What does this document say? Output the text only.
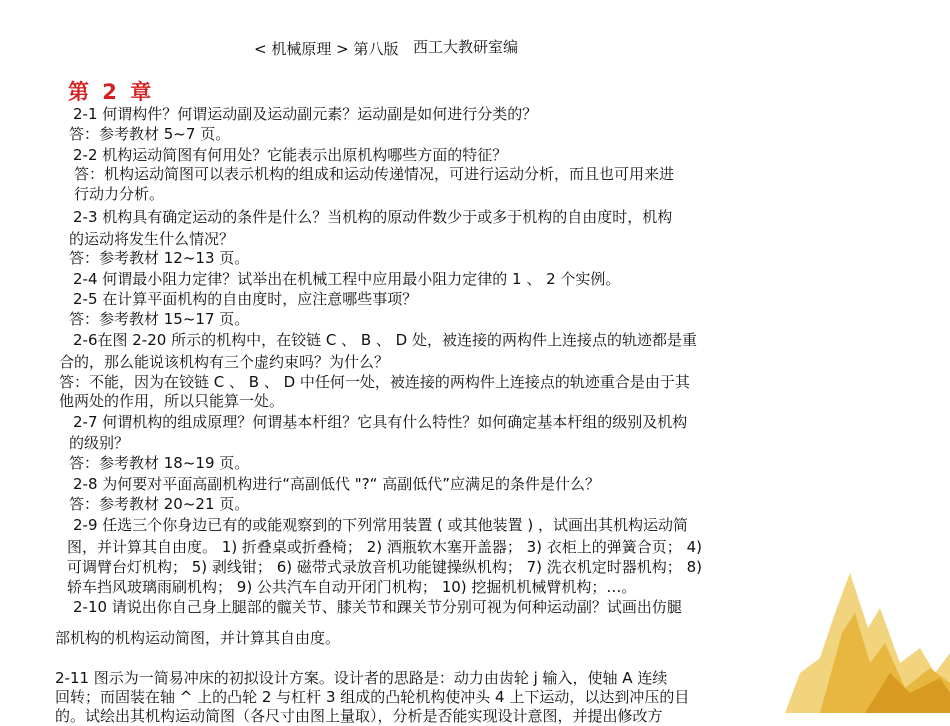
< 机械原理 > 第八版 西工大教研室编
第 2 章
2-1 何谓构件？何谓运动副及运动副元素？运动副是如何进行分类的？
答：参考教材 5~7 页。
2-2 机构运动简图有何用处？它能表示出原机构哪些方面的特征？
答：机构运动简图可以表示机构的组成和运动传递情况，可进行运动分析，而且也可用来进
行动力分析。
2-3 机构具有确定运动的条件是什么？当机构的原动件数少于或多于机构的自由度时，机构
的运动将发生什么情况？
答：参考教材 12~13 页。
2-4 何谓最小阻力定律？试举出在机械工程中应用最小阻力定律的 1 、 2 个实例。
2-5 在计算平面机构的自由度时，应注意哪些事项？
答：参考教材 15~17 页。
2-6在图 2-20 所示的机构中，在铰链 C 、 B 、 D 处，被连接的两构件上连接点的轨迹都是重
合的，那么能说该机构有三个虚约束吗？为什么？
答：不能，因为在铰链 C 、 B 、 D 中任何一处，被连接的两构件上连接点的轨迹重合是由于其
他两处的作用，所以只能算一处。
2-7 何谓机构的组成原理？何谓基本杆组？它具有什么特性？如何确定基本杆组的级别及机构
的级别？
答：参考教材 18~19 页。
2-8 为何要对平面高副机构进行“高副低代 "?“ 高副低代”应满足的条件是什么？
答：参考教材 20~21 页。
2-9 任选三个你身边已有的或能观察到的下列常用装置 ( 或其他装置 ) ，试画出其机构运动简
图，并计算其自由度。 1) 折叠桌或折叠椅； 2) 酒瓶软木塞开盖器； 3) 衣柜上的弹簧合页； 4)
可调臂台灯机构； 5) 剥线钳； 6) 磁带式录放音机功能键操纵机构； 7) 洗衣机定时器机构； 8)
轿车挡风玻璃雨刷机构； 9) 公共汽车自动开闭门机构； 10) 挖掘机机械臂机构；…。
2-10 请说出你自己身上腿部的髋关节、膝关节和踝关节分别可视为何种运动副？试画出仿腿
部机构的机构运动简图，并计算其自由度。
2-11 图示为一简易冲床的初拟设计方案。设计者的思路是：动力由齿轮 j 输入，使轴 A 连续
回转；而固装在轴 ^ 上的凸轮 2 与杠杆 3 组成的凸轮机构使冲头 4 上下运动，以达到冲压的目
的。试绘出其机构运动简图（各尺寸由图上量取），分析是否能实现设计意图，并提出修改方
